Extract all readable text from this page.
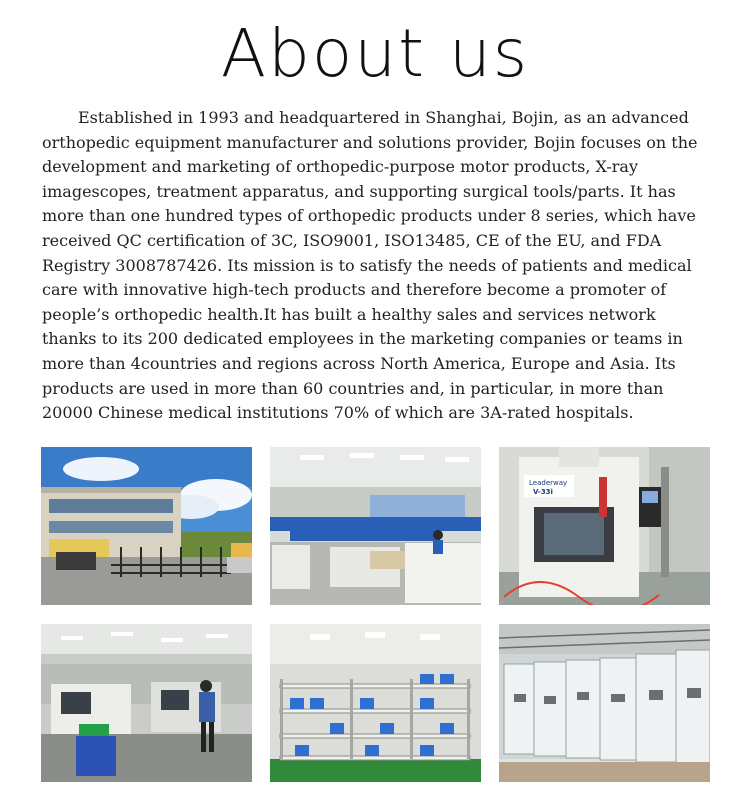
About us

Established in 1993 and headquartered in Shanghai, Bojin, as an advanced orthopedic equipment manufacturer and solutions provider, Bojin focuses on the development and marketing of orthopedic-purpose motor products, X-ray imagescopes, treatment apparatus, and supporting surgical tools/parts. It has more than one hundred types of orthopedic products under 8 series, which have received QC certification of 3C, ISO9001, ISO13485, CE of the EU, and FDA Registry 3008787426. Its mission is to satisfy the needs of patients and medical care with innovative high-tech products and therefore become a promoter of people’s orthopedic health.It has built a healthy sales and services network thanks to its 200 dedicated employees in the marketing companies or teams in more than 4countries and regions across North America, Europe and Asia. Its products are used in more than 60 countries and, in particular, in more than 20000 Chinese medical institutions 70% of which are 3A-rated hospitals.

Leaderway
V-33i
